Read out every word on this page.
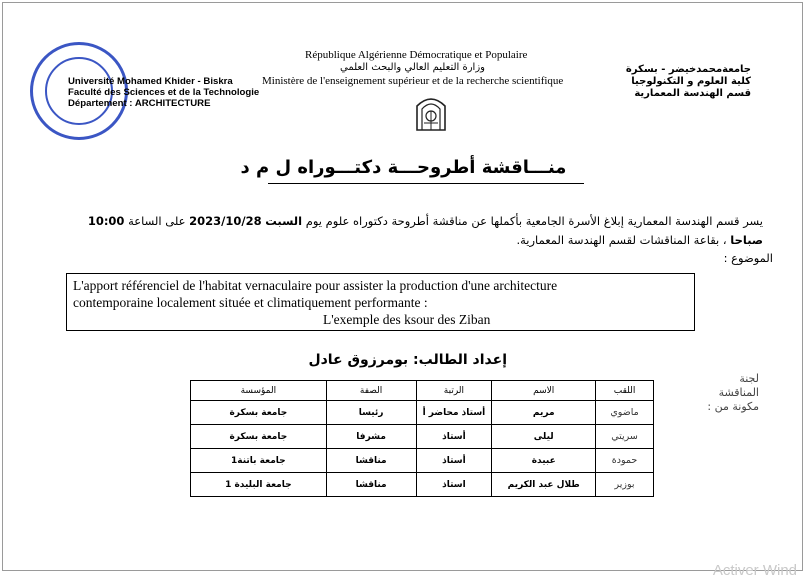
Université Mohamed Khider - Biskra
Faculté des Sciences et de la Technologie
Département : ARCHITECTURE
République Algérienne Démocratique et Populaire
وزارة التعليم العالي والبحث العلمي
Ministère de l'enseignement supérieur et de la recherche scientifique
جامعةمحمدخيضر - بسكرة
كلية العلوم و التكنولوجيا
قسم الهندسة المعمارية
منـــاقشة أطروحـــة دكتـــوراه ل م د
يسر قسم الهندسة المعمارية إبلاغ الأسرة الجامعية بأكملها عن مناقشة أطروحة دكتوراه علوم يوم السبت 2023/10/28 على الساعة 10:00
صباحا ، بقاعة المناقشات لقسم الهندسة المعمارية.
الموضوع :
L'apport référenciel de l'habitat vernaculaire pour assister la production d'une architecture
contemporaine localement située et climatiquement performante :
L'exemple des ksour des Ziban
إعداد الطالب: بومرزوق عادل
لجنة المناقشة مكونة من :
اللقب	الاسم	الرتبة	الصفة	المؤسسة
ماضوي	مريم	أستاذ محاضر أ	رئيسا	جامعة بسكرة
سريتي	ليلى	أستاذ	مشرفا	جامعة بسكرة
حمودة	عبيدة	أستاذ	مناقشا	جامعة باتنة1
بوزير	طلال عبد الكريم	استاذ	مناقشا	جامعة البليدة 1
Activer Wind
